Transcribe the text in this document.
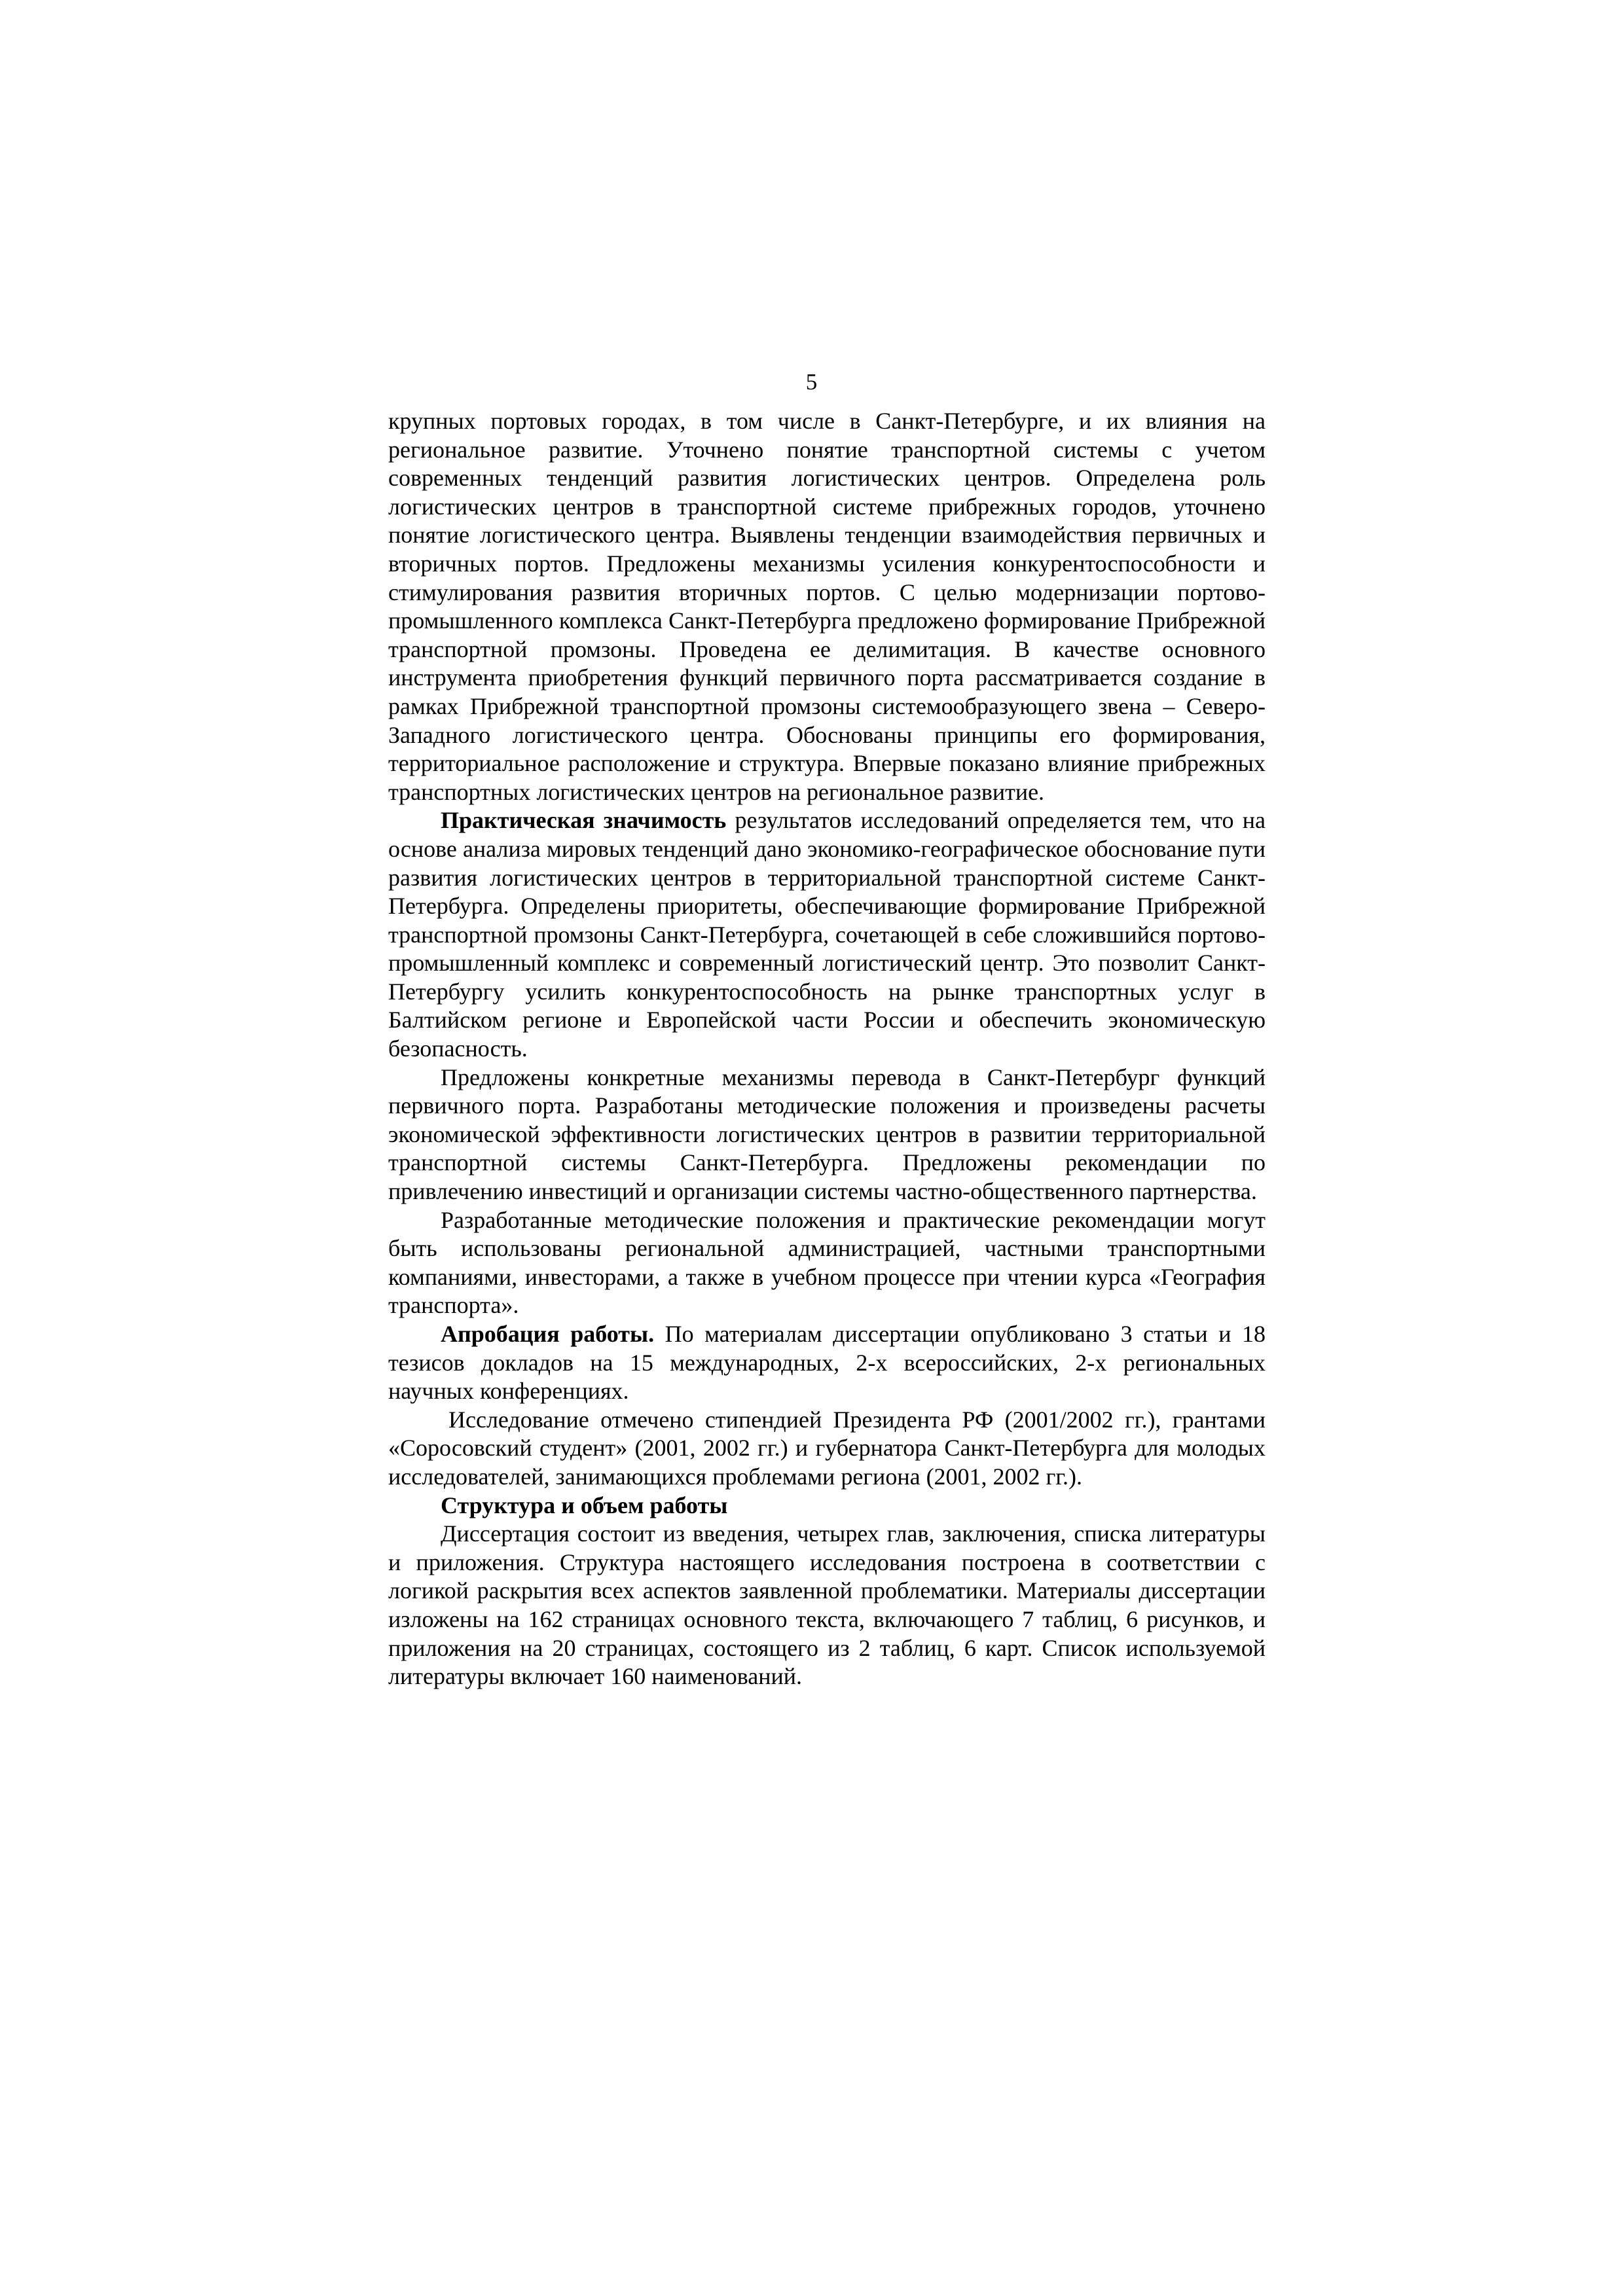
5

крупных портовых городах, в том числе в Санкт-Петербурге, и их влияния на региональное развитие. Уточнено понятие транспортной системы с учетом современных тенденций развития логистических центров. Определена роль логистических центров в транспортной системе прибрежных городов, уточнено понятие логистического центра. Выявлены тенденции взаимодействия первичных и вторичных портов. Предложены механизмы усиления конкурентоспособности и стимулирования развития вторичных портов. С целью модернизации портово-промышленного комплекса Санкт-Петербурга предложено формирование Прибрежной транспортной промзоны. Проведена ее делимитация. В качестве основного инструмента приобретения функций первичного порта рассматривается создание в рамках Прибрежной транспортной промзоны системообразующего звена – Северо-Западного логистического центра. Обоснованы принципы его формирования, территориальное расположение и структура. Впервые показано влияние прибрежных транспортных логистических центров на региональное развитие.

Практическая значимость результатов исследований определяется тем, что на основе анализа мировых тенденций дано экономико-географическое обоснование пути развития логистических центров в территориальной транспортной системе Санкт-Петербурга. Определены приоритеты, обеспечивающие формирование Прибрежной транспортной промзоны Санкт-Петербурга, сочетающей в себе сложившийся портово-промышленный комплекс и современный логистический центр. Это позволит Санкт-Петербургу усилить конкурентоспособность на рынке транспортных услуг в Балтийском регионе и Европейской части России и обеспечить экономическую безопасность.

Предложены конкретные механизмы перевода в Санкт-Петербург функций первичного порта. Разработаны методические положения и произведены расчеты экономической эффективности логистических центров в развитии территориальной транспортной системы Санкт-Петербурга. Предложены рекомендации по привлечению инвестиций и организации системы частно-общественного партнерства.

Разработанные методические положения и практические рекомендации могут быть использованы региональной администрацией, частными транспортными компаниями, инвесторами, а также в учебном процессе при чтении курса «География транспорта».

Апробация работы. По материалам диссертации опубликовано 3 статьи и 18 тезисов докладов на 15 международных, 2-х всероссийских, 2-х региональных научных конференциях.

Исследование отмечено стипендией Президента РФ (2001/2002 гг.), грантами «Соросовский студент» (2001, 2002 гг.) и губернатора Санкт-Петербурга для молодых исследователей, занимающихся проблемами региона (2001, 2002 гг.).

Структура и объем работы

Диссертация состоит из введения, четырех глав, заключения, списка литературы и приложения. Структура настоящего исследования построена в соответствии с логикой раскрытия всех аспектов заявленной проблематики. Материалы диссертации изложены на 162 страницах основного текста, включающего 7 таблиц, 6 рисунков, и приложения на 20 страницах, состоящего из 2 таблиц, 6 карт. Список используемой литературы включает 160 наименований.
